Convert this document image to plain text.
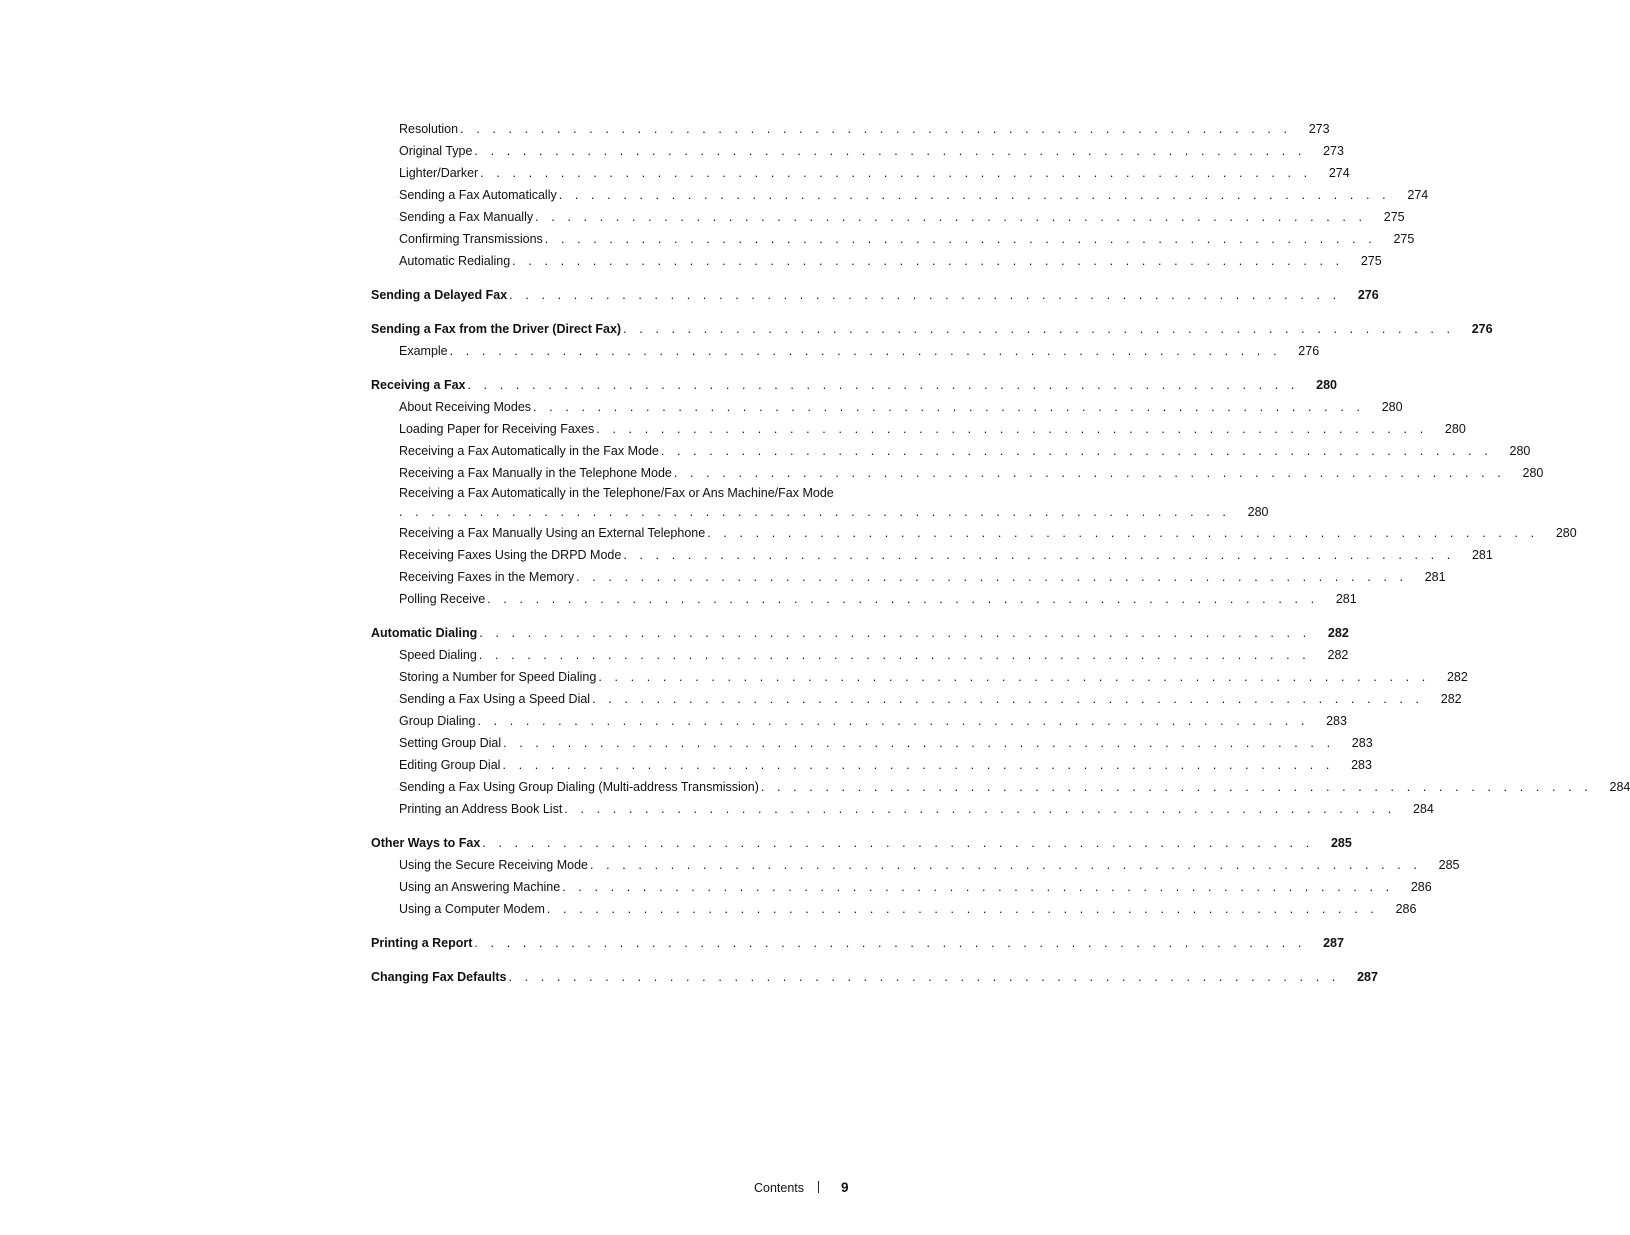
Resolution . . . . . . . . . . . . . . . . . . . . . . . . . . . . . . . . . . . . . . . . . . . . . . . . . . . . 273
Original Type . . . . . . . . . . . . . . . . . . . . . . . . . . . . . . . . . . . . . . . . . . . . . . . . . . . . 273
Lighter/Darker . . . . . . . . . . . . . . . . . . . . . . . . . . . . . . . . . . . . . . . . . . . . . . . . . . . . 274
Sending a Fax Automatically . . . . . . . . . . . . . . . . . . . . . . . . . . . . . . . . . . . . . . . . . . . . . . . . . . . . 274
Sending a Fax Manually . . . . . . . . . . . . . . . . . . . . . . . . . . . . . . . . . . . . . . . . . . . . . . . . . . . . 275
Confirming Transmissions . . . . . . . . . . . . . . . . . . . . . . . . . . . . . . . . . . . . . . . . . . . . . . . . . . . . 275
Automatic Redialing . . . . . . . . . . . . . . . . . . . . . . . . . . . . . . . . . . . . . . . . . . . . . . . . . . . . 275
Sending a Delayed Fax . . . . . . . . . . . . . . . . . . . . . . . . . . . . . . . . . . . . . . . . . . . . . . . . . . . . 276
Sending a Fax from the Driver (Direct Fax) . . . . . . . . . . . . . . . . . . . . . . . . . . . . . . . . . . . . . . . . . . . . . . . . . . . . 276
Example . . . . . . . . . . . . . . . . . . . . . . . . . . . . . . . . . . . . . . . . . . . . . . . . . . . . 276
Receiving a Fax . . . . . . . . . . . . . . . . . . . . . . . . . . . . . . . . . . . . . . . . . . . . . . . . . . . . 280
About Receiving Modes . . . . . . . . . . . . . . . . . . . . . . . . . . . . . . . . . . . . . . . . . . . . . . . . . . . . 280
Loading Paper for Receiving Faxes . . . . . . . . . . . . . . . . . . . . . . . . . . . . . . . . . . . . . . . . . . . . . . . . . . . . 280
Receiving a Fax Automatically in the Fax Mode . . . . . . . . . . . . . . . . . . . . . . . . . . . . . . . . . . . . . . . . . . . . . . . . . . . . 280
Receiving a Fax Manually in the Telephone Mode . . . . . . . . . . . . . . . . . . . . . . . . . . . . . . . . . . . . . . . . . . . . . . . . . . . . 280
Receiving a Fax Automatically in the Telephone/Fax or Ans Machine/Fax Mode
. . . . . . . . . . . . . . . . . . . . . . . . . . . . . . . . . . . . . . . . . . . . . . . . . . . . 280
Receiving a Fax Manually Using an External Telephone . . . . . . . . . . . . . . . . . . . . . . . . . . . . . . . . . . . . . . . . . . . . . . . . . . . . 280
Receiving Faxes Using the DRPD Mode . . . . . . . . . . . . . . . . . . . . . . . . . . . . . . . . . . . . . . . . . . . . . . . . . . . . 281
Receiving Faxes in the Memory . . . . . . . . . . . . . . . . . . . . . . . . . . . . . . . . . . . . . . . . . . . . . . . . . . . . 281
Polling Receive . . . . . . . . . . . . . . . . . . . . . . . . . . . . . . . . . . . . . . . . . . . . . . . . . . . . 281
Automatic Dialing . . . . . . . . . . . . . . . . . . . . . . . . . . . . . . . . . . . . . . . . . . . . . . . . . . . . 282
Speed Dialing . . . . . . . . . . . . . . . . . . . . . . . . . . . . . . . . . . . . . . . . . . . . . . . . . . . . 282
Storing a Number for Speed Dialing . . . . . . . . . . . . . . . . . . . . . . . . . . . . . . . . . . . . . . . . . . . . . . . . . . . . 282
Sending a Fax Using a Speed Dial . . . . . . . . . . . . . . . . . . . . . . . . . . . . . . . . . . . . . . . . . . . . . . . . . . . . 282
Group Dialing . . . . . . . . . . . . . . . . . . . . . . . . . . . . . . . . . . . . . . . . . . . . . . . . . . . . 283
Setting Group Dial . . . . . . . . . . . . . . . . . . . . . . . . . . . . . . . . . . . . . . . . . . . . . . . . . . . . 283
Editing Group Dial . . . . . . . . . . . . . . . . . . . . . . . . . . . . . . . . . . . . . . . . . . . . . . . . . . . . 283
Sending a Fax Using Group Dialing (Multi-address Transmission) . . . . . . . . . . . . . . . . . . . . . . . . . . . . . . . . . . . . . . . . . . . . . . . . . . . . 284
Printing an Address Book List . . . . . . . . . . . . . . . . . . . . . . . . . . . . . . . . . . . . . . . . . . . . . . . . . . . . 284
Other Ways to Fax . . . . . . . . . . . . . . . . . . . . . . . . . . . . . . . . . . . . . . . . . . . . . . . . . . . . 285
Using the Secure Receiving Mode . . . . . . . . . . . . . . . . . . . . . . . . . . . . . . . . . . . . . . . . . . . . . . . . . . . . 285
Using an Answering Machine . . . . . . . . . . . . . . . . . . . . . . . . . . . . . . . . . . . . . . . . . . . . . . . . . . . . 286
Using a Computer Modem . . . . . . . . . . . . . . . . . . . . . . . . . . . . . . . . . . . . . . . . . . . . . . . . . . . . 286
Printing a Report . . . . . . . . . . . . . . . . . . . . . . . . . . . . . . . . . . . . . . . . . . . . . . . . . . . . 287
Changing Fax Defaults . . . . . . . . . . . . . . . . . . . . . . . . . . . . . . . . . . . . . . . . . . . . . . . . . . . . 287
Contents	9
